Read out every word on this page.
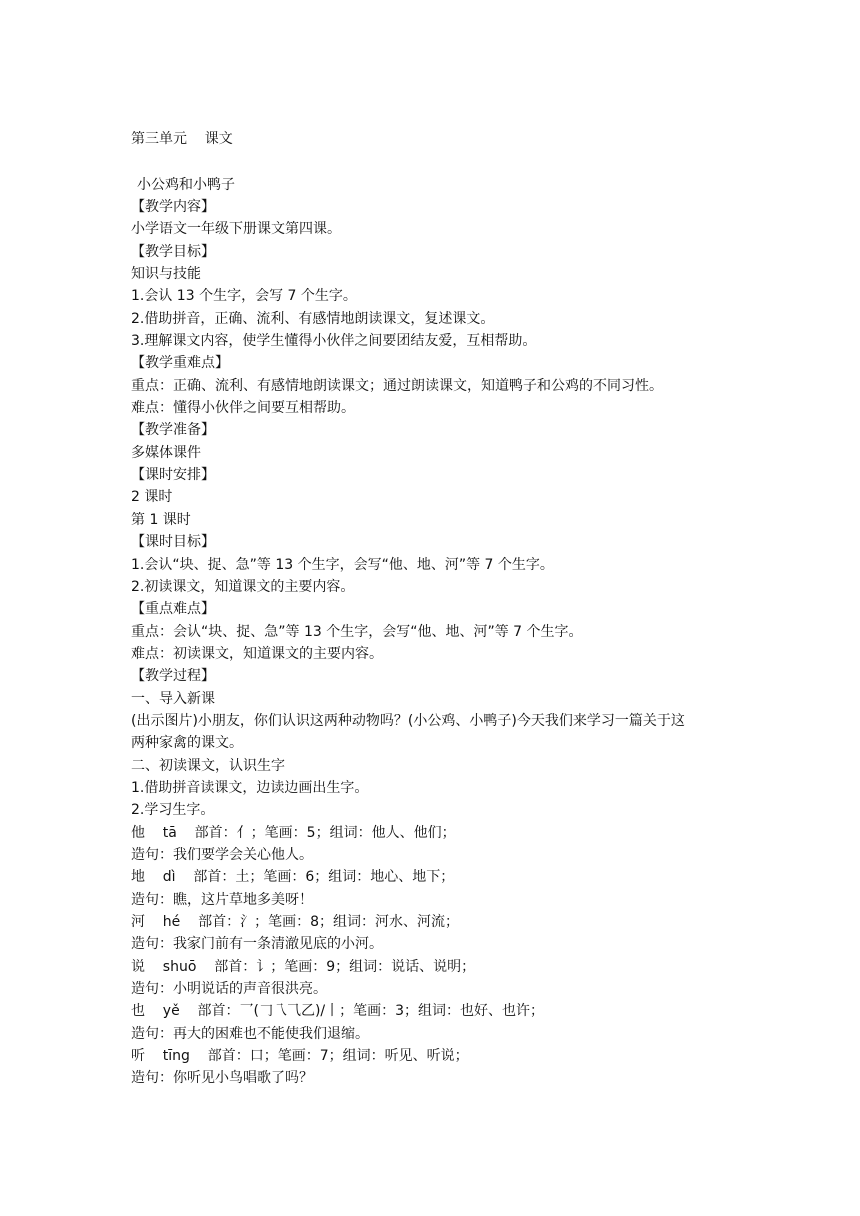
第三单元    课文
小公鸡和小鸭子

【教学内容】

小学语文一年级下册课文第四课。

【教学目标】

知识与技能

1.会认 13 个生字，会写 7 个生字。

2.借助拼音，正确、流利、有感情地朗读课文，复述课文。

3.理解课文内容，使学生懂得小伙伴之间要团结友爱，互相帮助。

【教学重难点】

重点：正确、流利、有感情地朗读课文；通过朗读课文，知道鸭子和公鸡的不同习性。

难点：懂得小伙伴之间要互相帮助。

【教学准备】

多媒体课件

【课时安排】

2 课时

第 1 课时

【课时目标】

1.会认“块、捉、急”等 13 个生字，会写“他、地、河”等 7 个生字。

2.初读课文，知道课文的主要内容。

【重点难点】

重点：会认“块、捉、急”等 13 个生字，会写“他、地、河”等 7 个生字。

难点：初读课文，知道课文的主要内容。

【教学过程】

一、导入新课

(出示图片)小朋友，你们认识这两种动物吗？(小公鸡、小鸭子)今天我们来学习一篇关于这

两种家禽的课文。

二、初读课文，认识生字

1.借助拼音读课文，边读边画出生字。

2.学习生字。

他    tā    部首：亻；笔画：5；组词：他人、他们；

造句：我们要学会关心他人。

地    dì    部首：土；笔画：6；组词：地心、地下；

造句：瞧，这片草地多美呀！

河    hé    部首：氵；笔画：8；组词：河水、河流；

造句：我家门前有一条清澈见底的小河。

说    shuō    部首：讠；笔画：9；组词：说话、说明；

造句：小明说话的声音很洪亮。

也    yě    部首：乛(𠃌乁⺄乙)/丨；笔画：3；组词：也好、也许；

造句：再大的困难也不能使我们退缩。

听    tīng    部首：口；笔画：7；组词：听见、听说；

造句：你听见小鸟唱歌了吗？
